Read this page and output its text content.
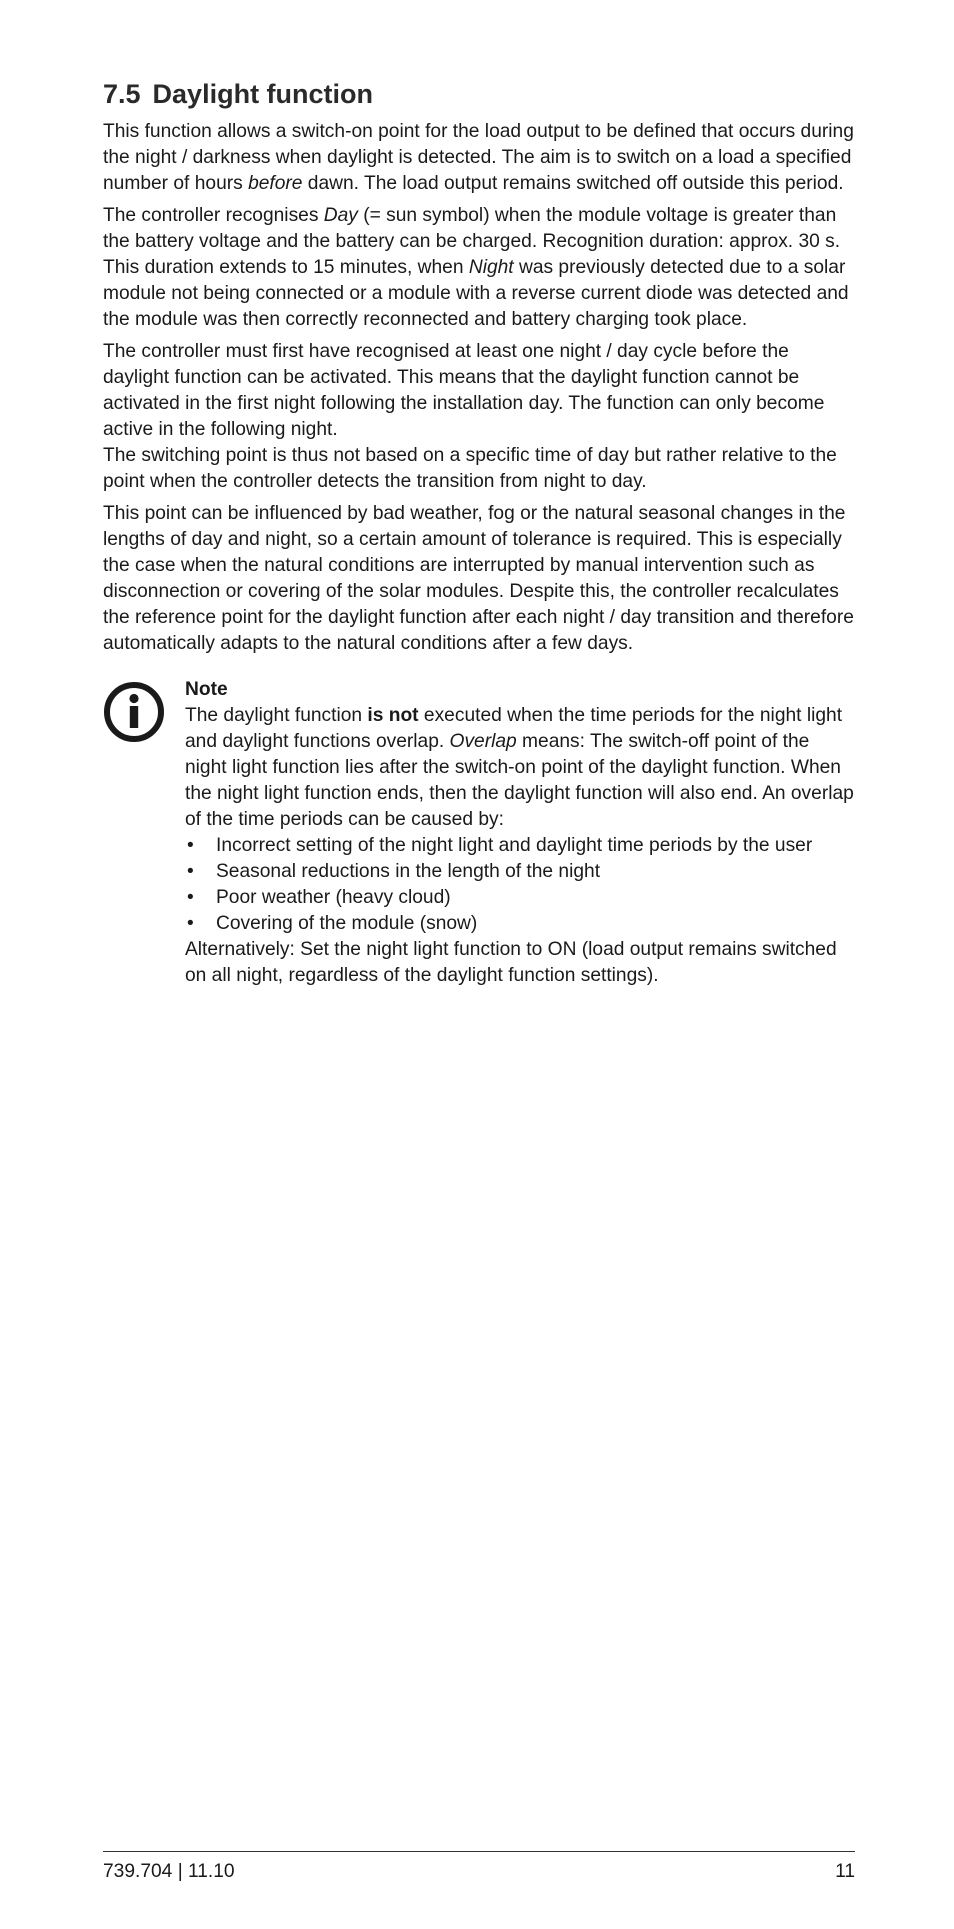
7.5 Daylight function

This function allows a switch-on point for the load output to be defined that occurs during the night / darkness when daylight is detected. The aim is to switch on a load a specified number of hours before dawn. The load output remains switched off outside this period.

The controller recognises Day (= sun symbol) when the module voltage is greater than the battery voltage and the battery can be charged. Recognition duration: approx. 30 s.

This duration extends to 15 minutes, when Night was previously detected due to a solar module not being connected or a module with a reverse current diode was detected and the module was then correctly reconnected and battery charging took place.

The controller must first have recognised at least one night / day cycle before the daylight function can be activated. This means that the daylight function cannot be activated in the first night following the installation day. The function can only become active in the following night.

The switching point is thus not based on a specific time of day but rather relative to the point when the controller detects the transition from night to day.

This point can be influenced by bad weather, fog or the natural seasonal changes in the lengths of day and night, so a certain amount of tolerance is required. This is especially the case when the natural conditions are interrupted by manual intervention such as disconnection or covering of the solar modules. Despite this, the controller recalculates the reference point for the daylight function after each night / day transition and therefore automatically adapts to the natural conditions after a few days.

Note

The daylight function is not executed when the time periods for the night light and daylight functions overlap. Overlap means: The switch-off point of the night light function lies after the switch-on point of the daylight function. When the night light function ends, then the daylight function will also end. An overlap of the time periods can be caused by:

• Incorrect setting of the night light and daylight time periods by the user
• Seasonal reductions in the length of the night
• Poor weather (heavy cloud)
• Covering of the module (snow)

Alternatively: Set the night light function to ON (load output remains switched on all night, regardless of the daylight function settings).

739.704 | 11.10	11
